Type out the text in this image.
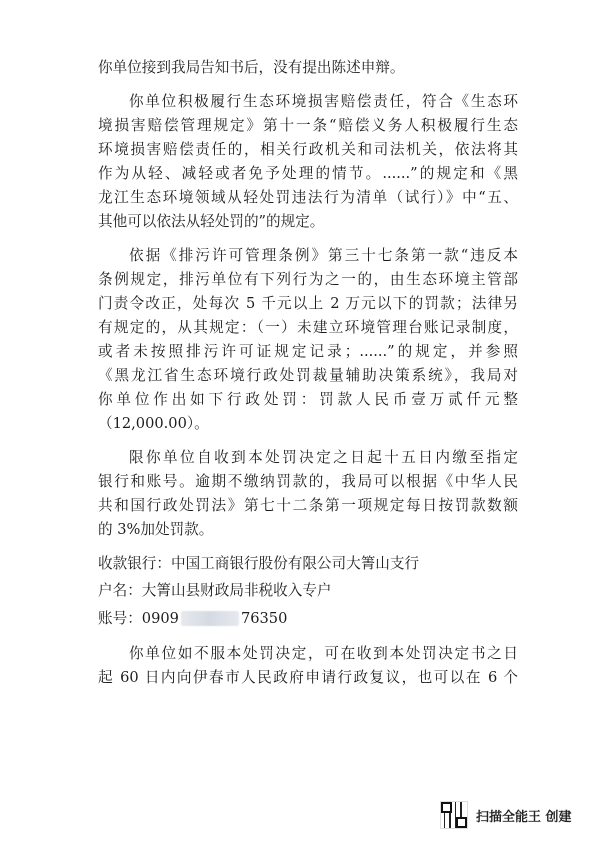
你单位接到我局告知书后，没有提出陈述申辩。
你单位积极履行生态环境损害赔偿责任，符合《生态环
境损害赔偿管理规定》第十一条“赔偿义务人积极履行生态
环境损害赔偿责任的，相关行政机关和司法机关，依法将其
作为从轻、减轻或者免予处理的情节。......”的规定和《黑
龙江生态环境领域从轻处罚违法行为清单（试行）》中“五、
其他可以依法从轻处罚的”的规定。
依据《排污许可管理条例》第三十七条第一款“违反本
条例规定，排污单位有下列行为之一的，由生态环境主管部
门责令改正，处每次 5 千元以上 2 万元以下的罚款；法律另
有规定的，从其规定：（一）未建立环境管理台账记录制度，
或者未按照排污许可证规定记录；......”的规定，并参照
《黑龙江省生态环境行政处罚裁量辅助决策系统》，我局对
你单位作出如下行政处罚：罚款人民币壹万贰仟元整
（12,000.00）。
限你单位自收到本处罚决定之日起十五日内缴至指定
银行和账号。逾期不缴纳罚款的，我局可以根据《中华人民
共和国行政处罚法》第七十二条第一项规定每日按罚款数额
的 3%加处罚款。
收款银行：中国工商银行股份有限公司大箐山支行
户名：大箐山县财政局非税收入专户
账号：0909	76350
你单位如不服本处罚决定，可在收到本处罚决定书之日
起 60 日内向伊春市人民政府申请行政复议，也可以在 6 个
扫描全能王 创建
